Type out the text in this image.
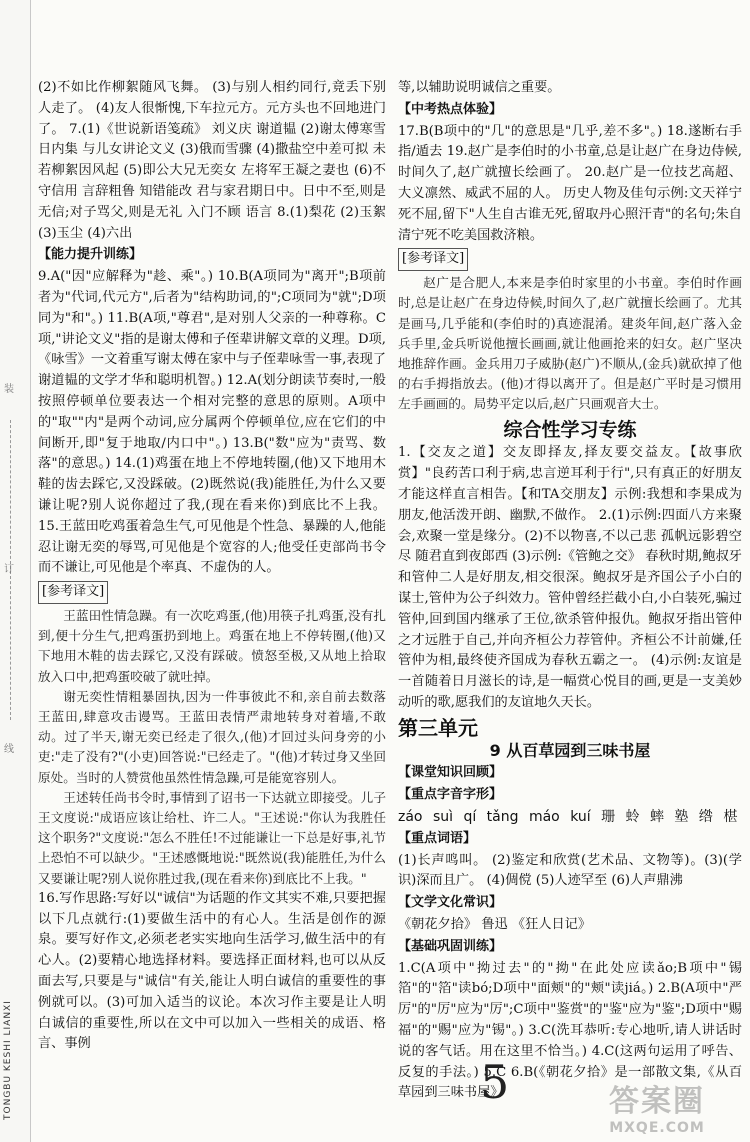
装
订
线
TONGBU KESHI LIANXI

(2)不如比作柳絮随风飞舞。 (3)与别人相约同行,竟丢下别人走了。 (4)友人很惭愧,下车拉元方。元方头也不回地进门了。 7.(1)《世说新语笺疏》 刘义庆 谢道韫 (2)谢太傅寒雪日内集 与儿女讲论文义 (3)俄而雪骤 (4)撒盐空中差可拟 未若柳絮因风起 (5)即公大兄无奕女 左将军王凝之妻也 (6)不守信用 言辞粗鲁 知错能改 君与家君期日中。日中不至,则是无信;对子骂父,则是无礼 入门不顾 语言 8.(1)梨花 (2)玉絮 (3)玉尘 (4)六出

【能力提升训练】

9.A("因"应解释为"趁、乘"。) 10.B(A项同为"离开";B项前者为"代词,代元方",后者为"结构助词,的";C项同为"就";D项同为"和"。) 11.B(A项,"尊君",是对别人父亲的一种尊称。C项,"讲论文义"指的是谢太傅和子侄辈讲解文章的义理。D项,《咏雪》一文着重写谢太傅在家中与子侄辈咏雪一事,表现了谢道韫的文学才华和聪明机智。) 12.A(划分朗读节奏时,一般按照停顿单位要表达一个相对完整的意思的原则。A项中的"取""内"是两个动词,应分属两个停顿单位,应在它们的中间断开,即"复于地取/内口中"。) 13.B("数"应为"责骂、数落"的意思。) 14.(1)鸡蛋在地上不停地转圈,(他)又下地用木鞋的齿去踩它,又没踩破。(2)既然说(我)能胜任,为什么又要谦让呢?别人说你超过了我,(现在看来你)到底比不上我。 15.王蓝田吃鸡蛋着急生气,可见他是个性急、暴躁的人,他能忍让谢无奕的辱骂,可见他是个宽容的人;他受任吏部尚书令而不谦让,可见他是个率真、不虚伪的人。

[参考译文]

王蓝田性情急躁。有一次吃鸡蛋,(他)用筷子扎鸡蛋,没有扎到,便十分生气,把鸡蛋扔到地上。鸡蛋在地上不停转圈,(他)又下地用木鞋的齿去踩它,又没有踩破。愤怒至极,又从地上拾取放入口中,把鸡蛋咬破了就吐掉。

谢无奕性情粗暴固执,因为一件事彼此不和,亲自前去数落王蓝田,肆意攻击谩骂。王蓝田表情严肃地转身对着墙,不敢动。过了半天,谢无奕已经走了很久,(他)才回过头问身旁的小吏:"走了没有?"(小吏)回答说:"已经走了。"(他)才转过身又坐回原处。当时的人赞赏他虽然性情急躁,可是能宽容别人。

王述转任尚书令时,事情到了诏书一下达就立即接受。儿子王文度说:"成语应该让给杜、许二人。"王述说:"你认为我胜任这个职务?"文度说:"怎么不胜任!不过能谦让一下总是好事,礼节上恐怕不可以缺少。"王述感慨地说:"既然说(我)能胜任,为什么又要谦让呢?别人说你胜过我,(现在看来你)到底比不上我。"

16.写作思路:写好以"诚信"为话题的作文其实不难,只要把握以下几点就行:(1)要做生活中的有心人。生活是创作的源泉。要写好作文,必须老老实实地向生活学习,做生活中的有心人。(2)要精心地选择材料。要选择正面材料,也可以从反面去写,只要是与"诚信"有关,能让人明白诚信的重要性的事例就可以。(3)可加入适当的议论。本次习作主要是让人明白诚信的重要性,所以在文中可以加入一些相关的成语、格言、事例

等,以辅助说明诚信之重要。

【中考热点体验】

17.B(B项中的"几"的意思是"几乎,差不多"。) 18.遂断右手指/遁去 19.赵广是李伯时的小书童,总是让赵广在身边侍候,时间久了,赵广就擅长绘画了。 20.赵广是一位技艺高超、大义凛然、威武不屈的人。 历史人物及佳句示例:文天祥宁死不屈,留下"人生自古谁无死,留取丹心照汗青"的名句;朱自清宁死不吃美国救济粮。

[参考译文]

赵广是合肥人,本来是李伯时家里的小书童。李伯时作画时,总是让赵广在身边侍候,时间久了,赵广就擅长绘画了。尤其是画马,几乎能和(李伯时的)真迹混淆。建炎年间,赵广落入金兵手里,金兵听说他擅长画画,就让他画抢来的妇女。赵广坚决地推辞作画。金兵用刀子威胁(赵广)不顺从,(金兵)就砍掉了他的右手拇指放去。(他)才得以离开了。但是赵广平时是习惯用左手画画的。局势平定以后,赵广只画观音大士。

综合性学习专练

1.【交友之道】交友即择友,择友要交益友。【故事欣赏】"良药苦口利于病,忠言逆耳利于行",只有真正的好朋友才能这样直言相告。【和TA交朋友】示例:我想和李果成为朋友,他活泼开朗、幽默,不做作。 2.(1)示例:四面八方来聚会,欢聚一堂是缘分。(2)不以物喜,不以己悲 孤帆远影碧空尽 随君直到夜郎西 (3)示例:《管鲍之交》 春秋时期,鲍叔牙和管仲二人是好朋友,相交很深。鲍叔牙是齐国公子小白的谋士,管仲为公子纠效力。管仲曾经拦截小白,小白装死,骗过管仲,回到国内继承了王位,欲杀管仲报仇。鲍叔牙指出管仲之才远胜于自己,并向齐桓公力荐管仲。齐桓公不计前嫌,任管仲为相,最终使齐国成为春秋五霸之一。 (4)示例:友谊是一首随着日月滋长的诗,是一幅赏心悦目的画,更是一支美妙动听的歌,愿我们的友谊地久天长。

第三单元
9 从百草园到三味书屋
【课堂知识回顾】
【重点字音字形】

záo suì qí tǎng máo kuí 珊 蛉 蟀 塾 绺 椹

【重点词语】

(1)长声鸣叫。 (2)鉴定和欣赏(艺术品、文物等)。(3)(学识)深而且广。 (4)倜傥 (5)人迹罕至 (6)人声鼎沸

【文学文化常识】

《朝花夕拾》 鲁迅 《狂人日记》

【基础巩固训练】

1.C(A项中"拗过去"的"拗"在此处应读ǎo;B项中"锡箔"的"箔"读bó;D项中"面颊"的"颊"读jiá。) 2.B(A项中"严厉"的"厉"应为"厉";C项中"鉴赏"的"鉴"应为"鉴";D项中"赐福"的"赐"应为"锡"。) 3.C(洗耳恭听:专心地听,请人讲话时说的客气话。用在这里不恰当。) 4.C(这两句运用了呼告、反复的手法。) 5.C 6.B(《朝花夕拾》是一部散文集,《从百草园到三味书屋》

5	答案圈
MXQE.COM
